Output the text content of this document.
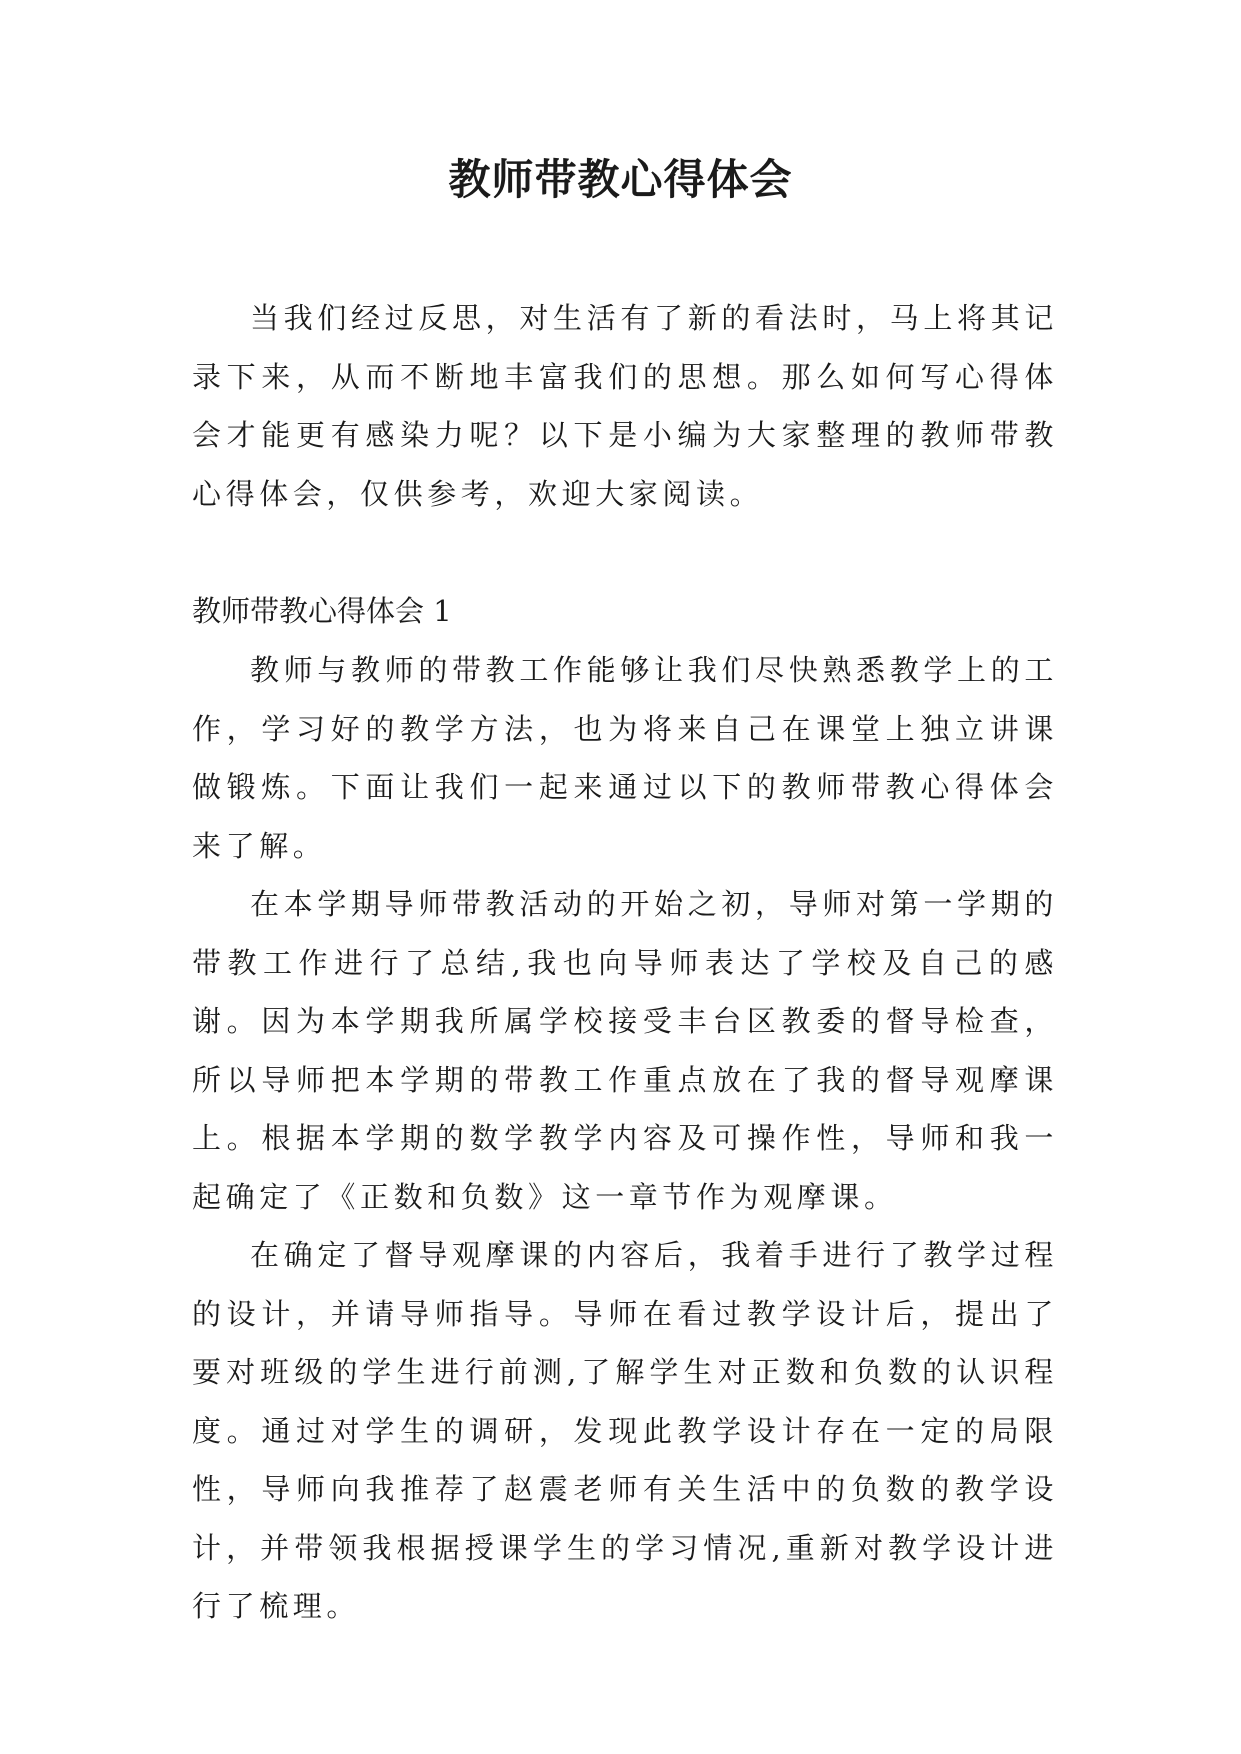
教师带教心得体会

当我们经过反思，对生活有了新的看法时，马上将其记录下来，从而不断地丰富我们的思想。那么如何写心得体会才能更有感染力呢？以下是小编为大家整理的教师带教心得体会，仅供参考，欢迎大家阅读。

教师带教心得体会 1

教师与教师的带教工作能够让我们尽快熟悉教学上的工作，学习好的教学方法，也为将来自己在课堂上独立讲课做锻炼。下面让我们一起来通过以下的教师带教心得体会来了解。

在本学期导师带教活动的开始之初，导师对第一学期的带教工作进行了总结,我也向导师表达了学校及自己的感谢。因为本学期我所属学校接受丰台区教委的督导检查，所以导师把本学期的带教工作重点放在了我的督导观摩课上。根据本学期的数学教学内容及可操作性，导师和我一起确定了《正数和负数》这一章节作为观摩课。

在确定了督导观摩课的内容后，我着手进行了教学过程的设计，并请导师指导。导师在看过教学设计后，提出了要对班级的学生进行前测,了解学生对正数和负数的认识程度。通过对学生的调研，发现此教学设计存在一定的局限性，导师向我推荐了赵震老师有关生活中的负数的教学设计，并带领我根据授课学生的学习情况,重新对教学设计进行了梳理。
